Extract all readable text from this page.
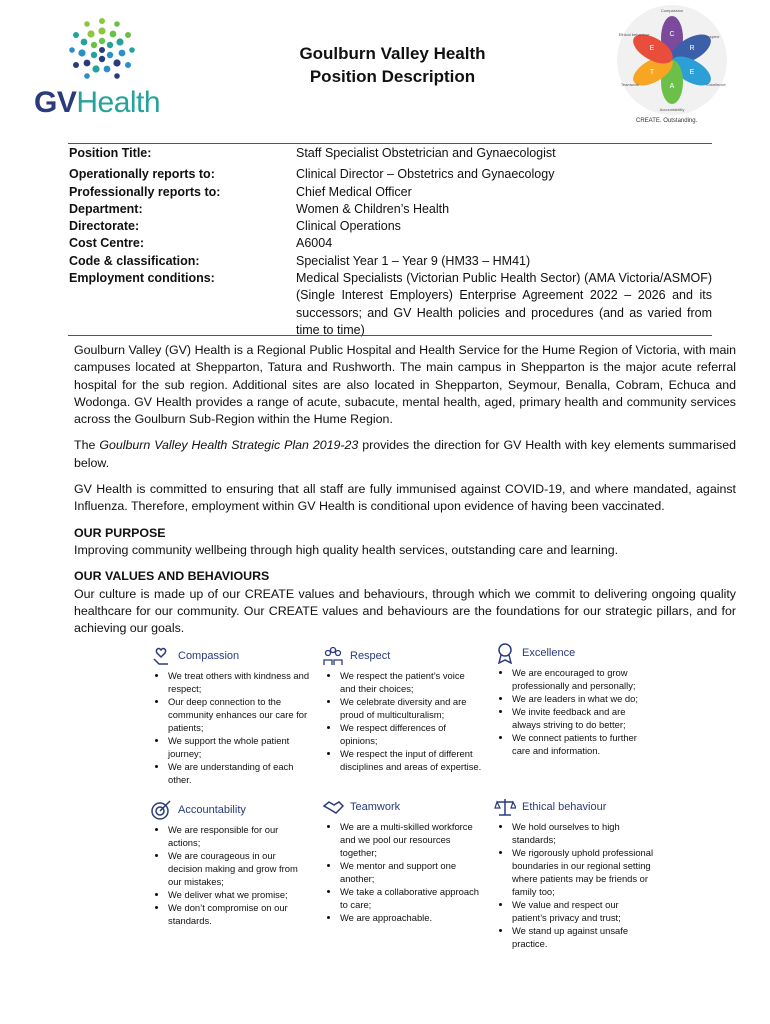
GVHealth
Goulburn Valley Health
Position Description
C
R
E
A
T
E
Compassion
Respect
Excellence
Accountability
Teamwork
Ethical behaviour
CREATE. Outstanding.
Position Title:	Staff Specialist Obstetrician and Gynaecologist
Operationally reports to:	Clinical Director – Obstetrics and Gynaecology
Professionally reports to:	Chief Medical Officer
Department:	Women & Children’s Health
Directorate:	Clinical Operations
Cost Centre:	A6004
Code & classification:	Specialist Year 1 – Year 9 (HM33 – HM41)
Employment conditions:	Medical Specialists (Victorian Public Health Sector) (AMA Victoria/ASMOF) (Single Interest Employers) Enterprise Agreement 2022 – 2026 and its successors; and GV Health policies and procedures (and as varied from time to time)

Goulburn Valley (GV) Health is a Regional Public Hospital and Health Service for the Hume Region of Victoria, with main campuses located at Shepparton, Tatura and Rushworth. The main campus in Shepparton is the major acute referral hospital for the sub region. Additional sites are also located in Shepparton, Seymour, Benalla, Cobram, Echuca and Wodonga. GV Health provides a range of acute, subacute, mental health, aged, primary health and community services across the Goulburn Sub-Region within the Hume Region.

The Goulburn Valley Health Strategic Plan 2019-23 provides the direction for GV Health with key elements summarised below.

GV Health is committed to ensuring that all staff are fully immunised against COVID-19, and where mandated, against Influenza. Therefore, employment within GV Health is conditional upon evidence of having been vaccinated.

OUR PURPOSE

Improving community wellbeing through high quality health services, outstanding care and learning.

OUR VALUES AND BEHAVIOURS

Our culture is made up of our CREATE values and behaviours, through which we commit to delivering ongoing quality healthcare for our community. Our CREATE values and behaviours are the foundations for our strategic pillars, and for achieving our goals.

Compassion
• We treat others with kindness and respect;
• Our deep connection to the community enhances our care for patients;
• We support the whole patient journey;
• We are understanding of each other.
Respect
• We respect the patient’s voice and their choices;
• We celebrate diversity and are proud of multiculturalism;
• We respect differences of opinions;
• We respect the input of different disciplines and areas of expertise.
Excellence
• We are encouraged to grow professionally and personally;
• We are leaders in what we do;
• We invite feedback and are always striving to do better;
• We connect patients to further care and information.
Accountability
• We are responsible for our actions;
• We are courageous in our decision making and grow from our mistakes;
• We deliver what we promise;
• We don’t compromise on our standards.
Teamwork
• We are a multi-skilled workforce and we pool our resources together;
• We mentor and support one another;
• We take a collaborative approach to care;
• We are approachable.
Ethical behaviour
• We hold ourselves to high standards;
• We rigorously uphold professional boundaries in our regional setting where patients may be friends or family too;
• We value and respect our patient’s privacy and trust;
• We stand up against unsafe practice.
